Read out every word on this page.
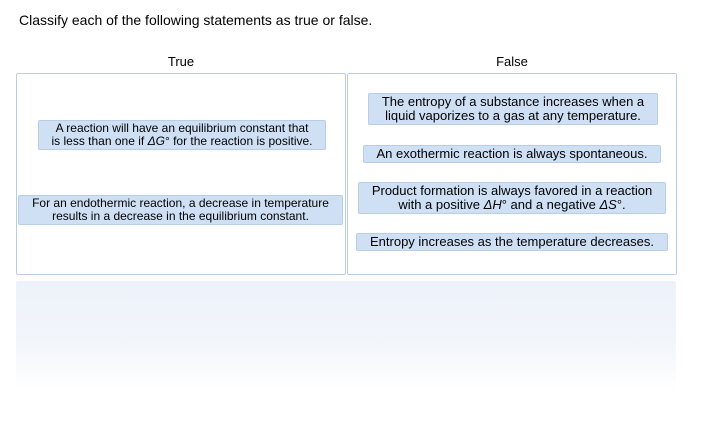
Classify each of the following statements as true or false.
True	False
A reaction will have an equilibrium constant that
is less than one if ΔG° for the reaction is positive.
For an endothermic reaction, a decrease in temperature
results in a decrease in the equilibrium constant.
The entropy of a substance increases when a
liquid vaporizes to a gas at any temperature.
An exothermic reaction is always spontaneous.
Product formation is always favored in a reaction
with a positive ΔH° and a negative ΔS°.
Entropy increases as the temperature decreases.
